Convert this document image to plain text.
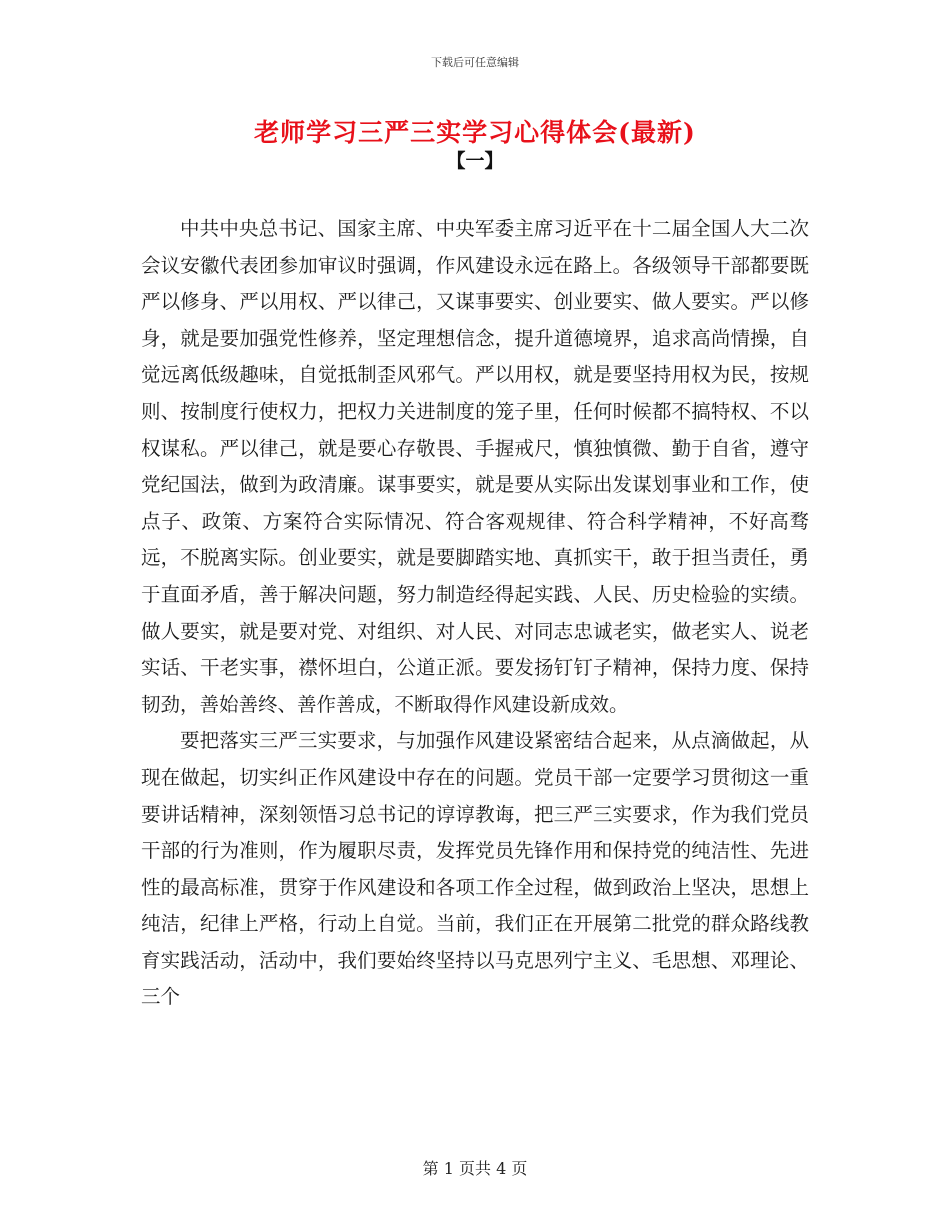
下载后可任意编辑
老师学习三严三实学习心得体会(最新)
【一】

中共中央总书记、国家主席、中央军委主席习近平在十二届全国人大二次会议安徽代表团参加审议时强调，作风建设永远在路上。各级领导干部都要既严以修身、严以用权、严以律己，又谋事要实、创业要实、做人要实。严以修身，就是要加强党性修养，坚定理想信念，提升道德境界，追求高尚情操，自觉远离低级趣味，自觉抵制歪风邪气。严以用权，就是要坚持用权为民，按规则、按制度行使权力，把权力关进制度的笼子里，任何时候都不搞特权、不以权谋私。严以律己，就是要心存敬畏、手握戒尺，慎独慎微、勤于自省，遵守党纪国法，做到为政清廉。谋事要实，就是要从实际出发谋划事业和工作，使点子、政策、方案符合实际情况、符合客观规律、符合科学精神，不好高骛远，不脱离实际。创业要实，就是要脚踏实地、真抓实干，敢于担当责任，勇于直面矛盾，善于解决问题，努力制造经得起实践、人民、历史检验的实绩。做人要实，就是要对党、对组织、对人民、对同志忠诚老实，做老实人、说老实话、干老实事，襟怀坦白，公道正派。要发扬钉钉子精神，保持力度、保持韧劲，善始善终、善作善成，不断取得作风建设新成效。

要把落实三严三实要求，与加强作风建设紧密结合起来，从点滴做起，从现在做起，切实纠正作风建设中存在的问题。党员干部一定要学习贯彻这一重要讲话精神，深刻领悟习总书记的谆谆教诲，把三严三实要求，作为我们党员干部的行为准则，作为履职尽责，发挥党员先锋作用和保持党的纯洁性、先进性的最高标准，贯穿于作风建设和各项工作全过程，做到政治上坚决，思想上纯洁，纪律上严格，行动上自觉。当前，我们正在开展第二批党的群众路线教育实践活动，活动中，我们要始终坚持以马克思列宁主义、毛思想、邓理论、三个

第 1 页共 4 页
